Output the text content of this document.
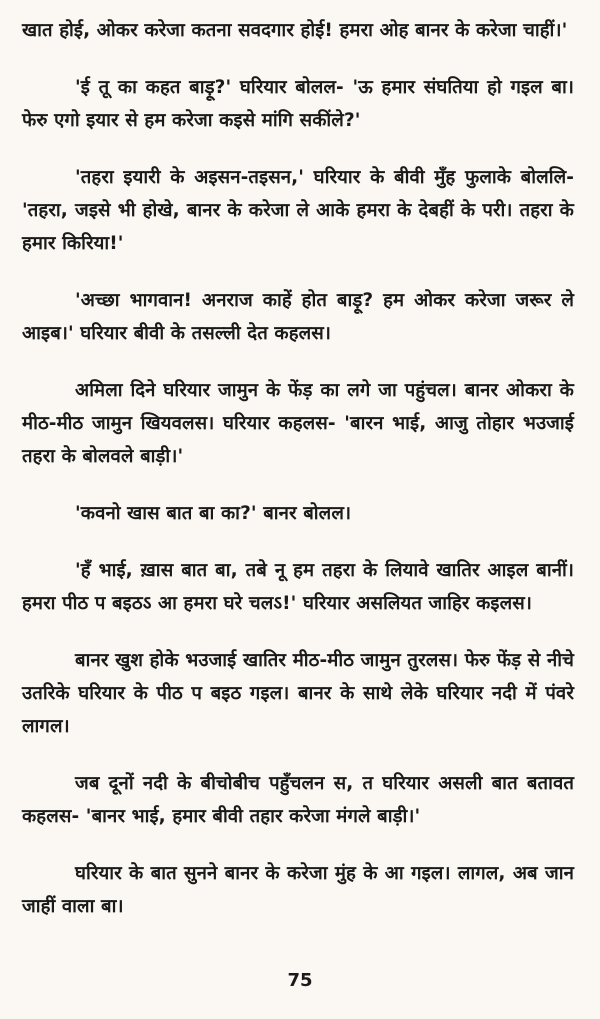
खात होई, ओकर करेजा कतना सवदगार होई! हमरा ओह बानर के करेजा चाहीं।'

'ई तू का कहत बाड़ू?' घरियार बोलल- 'ऊ हमार संघतिया हो गइल बा। फेरु एगो इयार से हम करेजा कइसे मांगि सकींले?'

'तहरा इयारी के अइसन-तइसन,' घरियार के बीवी मुँह फुलाके बोललि- 'तहरा, जइसे भी होखे, बानर के करेजा ले आके हमरा के देबहीं के परी। तहरा के हमार किरिया!'

'अच्छा भागवान! अनराज काहें होत बाड़ू? हम ओकर करेजा जरूर ले आइब।' घरियार बीवी के तसल्ली देत कहलस।

अमिला दिने घरियार जामुन के फेंड़ का लगे जा पहुंचल। बानर ओकरा के मीठ-मीठ जामुन खियवलस। घरियार कहलस- 'बारन भाई, आजु तोहार भउजाई तहरा के बोलवले बाड़ी।'

'कवनो खास बात बा का?' बानर बोलल।

'हँ भाई, ख़ास बात बा, तबे नू हम तहरा के लियावे खातिर आइल बानीं। हमरा पीठ प बइठऽ आ हमरा घरे चलऽ!' घरियार असलियत जाहिर कइलस।

बानर खुश होके भउजाई खातिर मीठ-मीठ जामुन तुरलस। फेरु फेंड़ से नीचे उतरिके घरियार के पीठ प बइठ गइल। बानर के साथे लेके घरियार नदी में पंवरे लागल।

जब दूनों नदी के बीचोबीच पहुँचलन स, त घरियार असली बात बतावत कहलस- 'बानर भाई, हमार बीवी तहार करेजा मंगले बाड़ी।'

घरियार के बात सुनने बानर के करेजा मुंह के आ गइल। लागल, अब जान जाहीं वाला बा।

75
